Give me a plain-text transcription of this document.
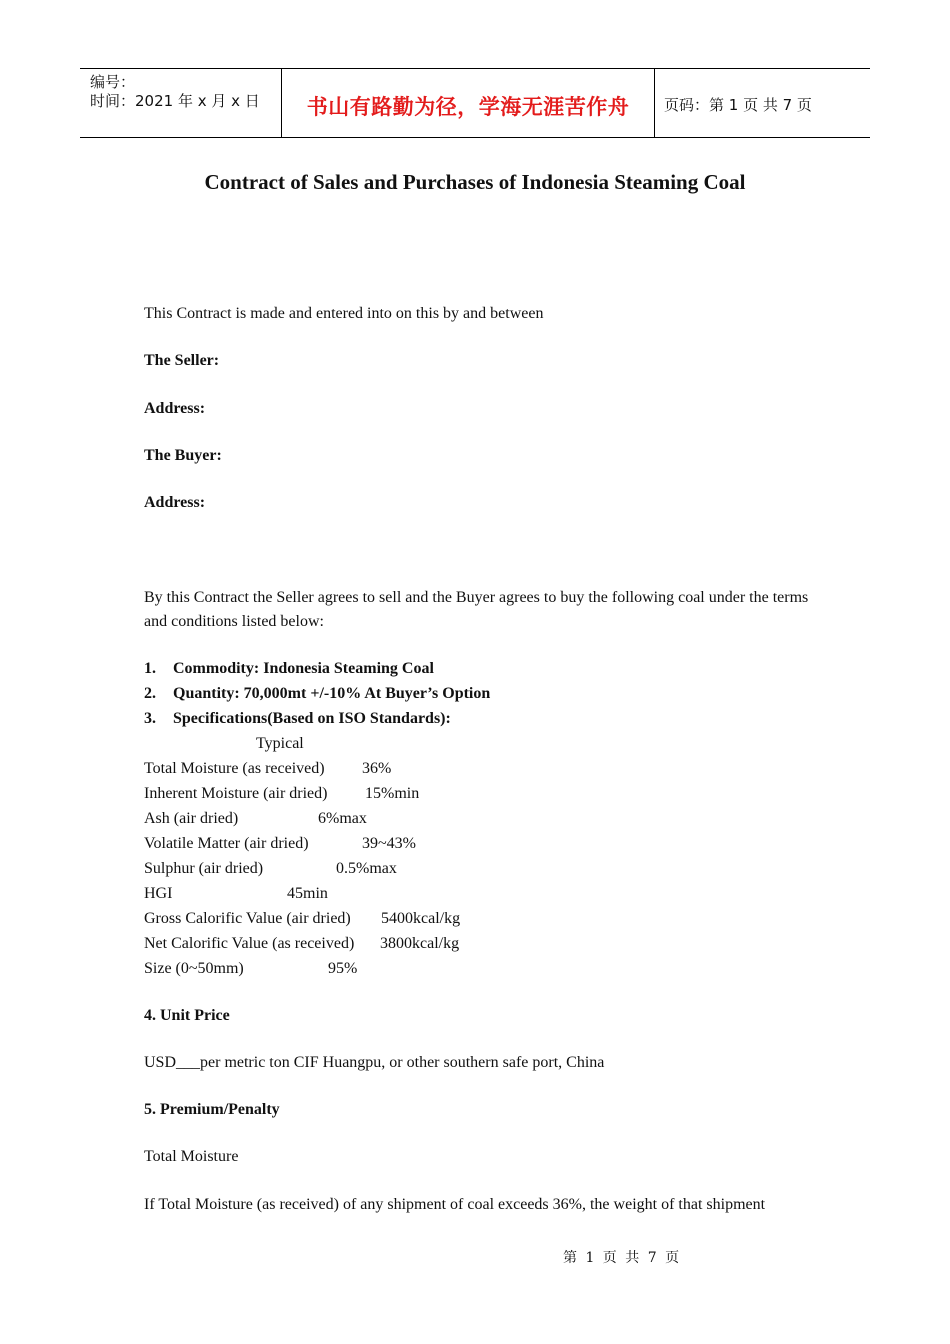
编号：
时间：2021 年 x 月 x 日	书山有路勤为径，学海无涯苦作舟	页码：第 1 页 共 7 页
Contract of Sales and Purchases of Indonesia Steaming Coal
This Contract is made and entered into on this by and between
The Seller:
Address:
The Buyer:
Address:
By this Contract the Seller agrees to sell and the Buyer agrees to buy the following coal under the terms and conditions listed below:
1. Commodity: Indonesia Steaming Coal
2. Quantity: 70,000mt +/-10% At Buyer’s Option
3. Specifications(Based on ISO Standards):
Typical
Total Moisture (as received) 36%
Inherent Moisture (air dried) 15%min
Ash (air dried)	6%max
Volatile Matter (air dried)	39~43%
Sulphur (air dried)	0.5%max
HGI	45min
Gross Calorific Value (air dried) 5400kcal/kg
Net Calorific Value (as received) 3800kcal/kg
Size (0~50mm)	95%
4. Unit Price
USD___per metric ton CIF Huangpu, or other southern safe port, China
5. Premium/Penalty
Total Moisture
If Total Moisture (as received) of any shipment of coal exceeds 36%, the weight of that shipment
第 1 页 共 7 页
